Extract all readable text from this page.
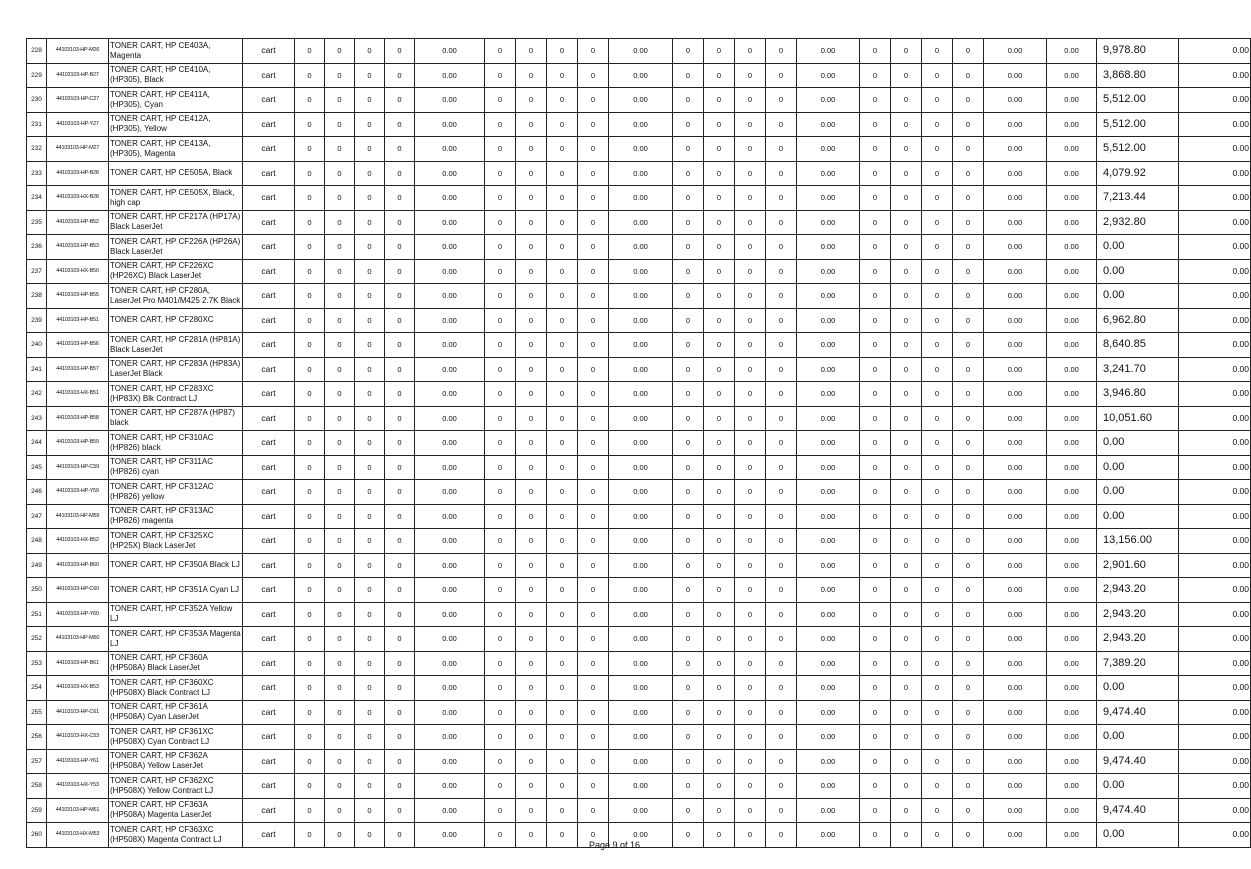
228	44103103-HP-M26	TONER CART, HP CE403A, Magenta	cart	0	0	0	0	0.00	0	0	0	0	0.00	0	0	0	0	0.00	0	0	0	0	0.00	0.00	9,978.80	0.00
229	44103103-HP-B27	TONER CART, HP CE410A, (HP305), Black	cart	0	0	0	0	0.00	0	0	0	0	0.00	0	0	0	0	0.00	0	0	0	0	0.00	0.00	3,868.80	0.00
230	44103103-HP-C27	TONER CART, HP CE411A, (HP305), Cyan	cart	0	0	0	0	0.00	0	0	0	0	0.00	0	0	0	0	0.00	0	0	0	0	0.00	0.00	5,512.00	0.00
231	44103103-HP-Y27	TONER CART, HP CE412A, (HP305), Yellow	cart	0	0	0	0	0.00	0	0	0	0	0.00	0	0	0	0	0.00	0	0	0	0	0.00	0.00	5,512.00	0.00
232	44103103-HP-M27	TONER CART, HP CE413A, (HP305), Magenta	cart	0	0	0	0	0.00	0	0	0	0	0.00	0	0	0	0	0.00	0	0	0	0	0.00	0.00	5,512.00	0.00
233	44103103-HP-B28	TONER CART, HP CE505A, Black	cart	0	0	0	0	0.00	0	0	0	0	0.00	0	0	0	0	0.00	0	0	0	0	0.00	0.00	4,079.92	0.00
234	44103103-HX-B28	TONER CART, HP CE505X, Black, high cap	cart	0	0	0	0	0.00	0	0	0	0	0.00	0	0	0	0	0.00	0	0	0	0	0.00	0.00	7,213.44	0.00
235	44103103-HP-B52	TONER CART, HP CF217A (HP17A) Black LaserJet	cart	0	0	0	0	0.00	0	0	0	0	0.00	0	0	0	0	0.00	0	0	0	0	0.00	0.00	2,932.80	0.00
236	44103103-HP-B53	TONER CART, HP CF226A (HP26A) Black LaserJet	cart	0	0	0	0	0.00	0	0	0	0	0.00	0	0	0	0	0.00	0	0	0	0	0.00	0.00	0.00	0.00
237	44103103-HX-B50	TONER CART, HP CF226XC (HP26XC) Black LaserJet	cart	0	0	0	0	0.00	0	0	0	0	0.00	0	0	0	0	0.00	0	0	0	0	0.00	0.00	0.00	0.00
238	44103103-HP-B55	TONER CART, HP CF280A, LaserJet Pro M401/M425 2.7K Black	cart	0	0	0	0	0.00	0	0	0	0	0.00	0	0	0	0	0.00	0	0	0	0	0.00	0.00	0.00	0.00
239	44103103-HP-B51	TONER CART, HP CF280XC	cart	0	0	0	0	0.00	0	0	0	0	0.00	0	0	0	0	0.00	0	0	0	0	0.00	0.00	6,962.80	0.00
240	44103103-HP-B56	TONER CART, HP CF281A (HP81A) Black LaserJet	cart	0	0	0	0	0.00	0	0	0	0	0.00	0	0	0	0	0.00	0	0	0	0	0.00	0.00	8,640.85	0.00
241	44103103-HP-B57	TONER CART, HP CF283A (HP83A) LaserJet Black	cart	0	0	0	0	0.00	0	0	0	0	0.00	0	0	0	0	0.00	0	0	0	0	0.00	0.00	3,241.70	0.00
242	44103103-HX-B51	TONER CART, HP CF283XC (HP83X) Blk Contract LJ	cart	0	0	0	0	0.00	0	0	0	0	0.00	0	0	0	0	0.00	0	0	0	0	0.00	0.00	3,946.80	0.00
243	44103103-HP-B58	TONER CART, HP CF287A (HP87) black	cart	0	0	0	0	0.00	0	0	0	0	0.00	0	0	0	0	0.00	0	0	0	0	0.00	0.00	10,051.60	0.00
244	44103103-HP-B59	TONER CART, HP CF310AC (HP826) black	cart	0	0	0	0	0.00	0	0	0	0	0.00	0	0	0	0	0.00	0	0	0	0	0.00	0.00	0.00	0.00
245	44103103-HP-C59	TONER CART, HP CF311AC (HP826) cyan	cart	0	0	0	0	0.00	0	0	0	0	0.00	0	0	0	0	0.00	0	0	0	0	0.00	0.00	0.00	0.00
246	44103103-HP-Y59	TONER CART, HP CF312AC (HP826) yellow	cart	0	0	0	0	0.00	0	0	0	0	0.00	0	0	0	0	0.00	0	0	0	0	0.00	0.00	0.00	0.00
247	44103103-HP-M59	TONER CART, HP CF313AC (HP826) magenta	cart	0	0	0	0	0.00	0	0	0	0	0.00	0	0	0	0	0.00	0	0	0	0	0.00	0.00	0.00	0.00
248	44103103-HX-B52	TONER CART, HP CF325XC (HP25X) Black LaserJet	cart	0	0	0	0	0.00	0	0	0	0	0.00	0	0	0	0	0.00	0	0	0	0	0.00	0.00	13,156.00	0.00
249	44103103-HP-B60	TONER CART, HP CF350A Black LJ	cart	0	0	0	0	0.00	0	0	0	0	0.00	0	0	0	0	0.00	0	0	0	0	0.00	0.00	2,901.60	0.00
250	44103103-HP-C60	TONER CART, HP CF351A Cyan LJ	cart	0	0	0	0	0.00	0	0	0	0	0.00	0	0	0	0	0.00	0	0	0	0	0.00	0.00	2,943.20	0.00
251	44103103-HP-Y60	TONER CART, HP CF352A Yellow LJ	cart	0	0	0	0	0.00	0	0	0	0	0.00	0	0	0	0	0.00	0	0	0	0	0.00	0.00	2,943.20	0.00
252	44103103-HP-M60	TONER CART, HP CF353A Magenta LJ	cart	0	0	0	0	0.00	0	0	0	0	0.00	0	0	0	0	0.00	0	0	0	0	0.00	0.00	2,943.20	0.00
253	44103103-HP-B61	TONER CART, HP CF360A (HP508A) Black LaserJet	cart	0	0	0	0	0.00	0	0	0	0	0.00	0	0	0	0	0.00	0	0	0	0	0.00	0.00	7,389.20	0.00
254	44103103-HX-B53	TONER CART, HP CF360XC (HP508X) Black Contract LJ	cart	0	0	0	0	0.00	0	0	0	0	0.00	0	0	0	0	0.00	0	0	0	0	0.00	0.00	0.00	0.00
255	44103103-HP-C61	TONER CART, HP CF361A (HP508A) Cyan LaserJet	cart	0	0	0	0	0.00	0	0	0	0	0.00	0	0	0	0	0.00	0	0	0	0	0.00	0.00	9,474.40	0.00
256	44103103-HX-C53	TONER CART, HP CF361XC (HP508X) Cyan Contract LJ	cart	0	0	0	0	0.00	0	0	0	0	0.00	0	0	0	0	0.00	0	0	0	0	0.00	0.00	0.00	0.00
257	44103103-HP-Y61	TONER CART, HP CF362A (HP508A) Yellow LaserJet	cart	0	0	0	0	0.00	0	0	0	0	0.00	0	0	0	0	0.00	0	0	0	0	0.00	0.00	9,474.40	0.00
258	44103103-HX-Y53	TONER CART, HP CF362XC (HP508X) Yellow Contract LJ	cart	0	0	0	0	0.00	0	0	0	0	0.00	0	0	0	0	0.00	0	0	0	0	0.00	0.00	0.00	0.00
259	44103103-HP-M61	TONER CART, HP CF363A (HP508A) Magenta LaserJet	cart	0	0	0	0	0.00	0	0	0	0	0.00	0	0	0	0	0.00	0	0	0	0	0.00	0.00	9,474.40	0.00
260	44103103-HX-M53	TONER CART, HP CF363XC (HP508X) Magenta Contract LJ	cart	0	0	0	0	0.00	0	0	0	0	0.00	0	0	0	0	0.00	0	0	0	0	0.00	0.00	0.00	0.00
Page 9 of 16
